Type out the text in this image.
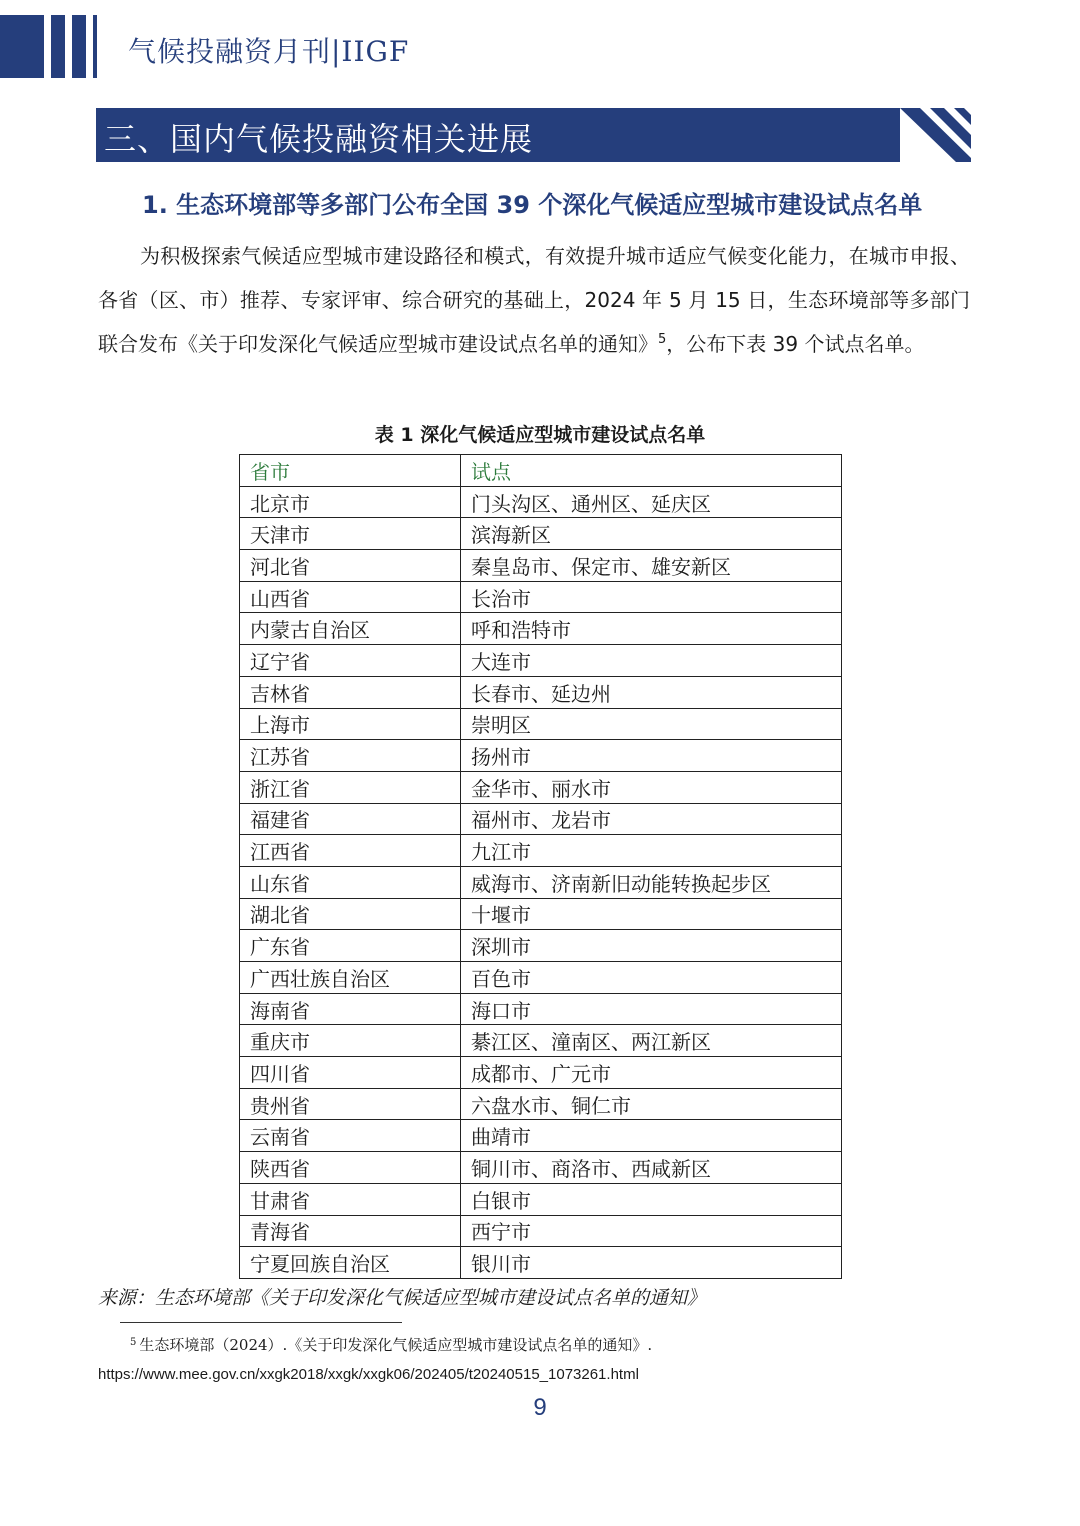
气候投融资月刊|IIGF
三、国内气候投融资相关进展
1. 生态环境部等多部门公布全国 39 个深化气候适应型城市建设试点名单
为积极探索气候适应型城市建设路径和模式，有效提升城市适应气候变化能力，在城市申报、各省（区、市）推荐、专家评审、综合研究的基础上，2024 年 5 月 15 日，生态环境部等多部门联合发布《关于印发深化气候适应型城市建设试点名单的通知》$^5$，公布下表 39 个试点名单。
表 1 深化气候适应型城市建设试点名单
省市	试点
北京市	门头沟区、通州区、延庆区
天津市	滨海新区
河北省	秦皇岛市、保定市、雄安新区
山西省	长治市
内蒙古自治区	呼和浩特市
辽宁省	大连市
吉林省	长春市、延边州
上海市	崇明区
江苏省	扬州市
浙江省	金华市、丽水市
福建省	福州市、龙岩市
江西省	九江市
山东省	威海市、济南新旧动能转换起步区
湖北省	十堰市
广东省	深圳市
广西壮族自治区	百色市
海南省	海口市
重庆市	綦江区、潼南区、两江新区
四川省	成都市、广元市
贵州省	六盘水市、铜仁市
云南省	曲靖市
陕西省	铜川市、商洛市、西咸新区
甘肃省	白银市
青海省	西宁市
宁夏回族自治区	银川市
来源：生态环境部《关于印发深化气候适应型城市建设试点名单的通知》
$^5$ 生态环境部（2024）.《关于印发深化气候适应型城市建设试点名单的通知》.
https://www.mee.gov.cn/xxgk2018/xxgk/xxgk06/202405/t20240515_1073261.html
9
